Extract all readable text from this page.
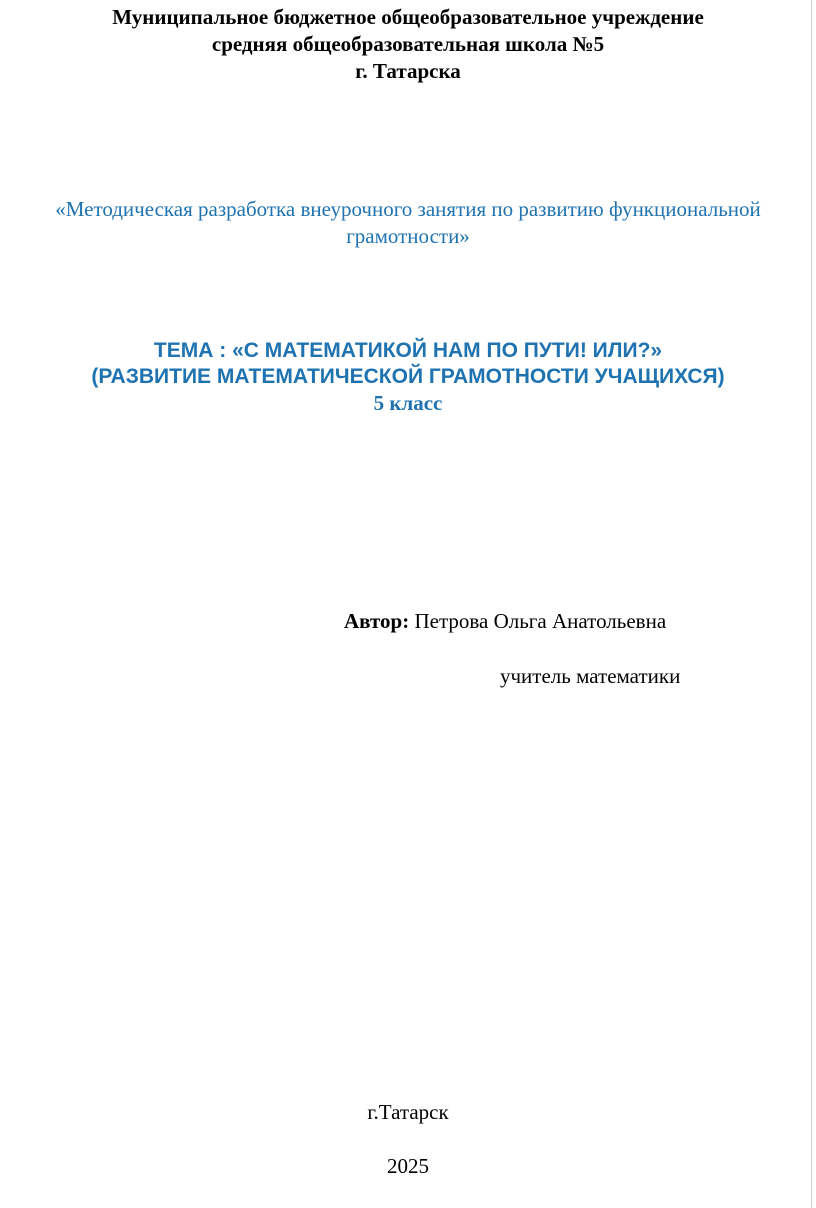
Муниципальное бюджетное общеобразовательное учреждение
средняя общеобразовательная школа №5
г. Татарска
«Методическая разработка внеурочного занятия по развитию функциональной
грамотности»
ТЕМА : «С МАТЕМАТИКОЙ НАМ ПО ПУТИ! ИЛИ?»
(РАЗВИТИЕ МАТЕМАТИЧЕСКОЙ ГРАМОТНОСТИ УЧАЩИХСЯ)
5 класс
Автор: Петрова Ольга Анатольевна
учитель математики
г.Татарск
2025
